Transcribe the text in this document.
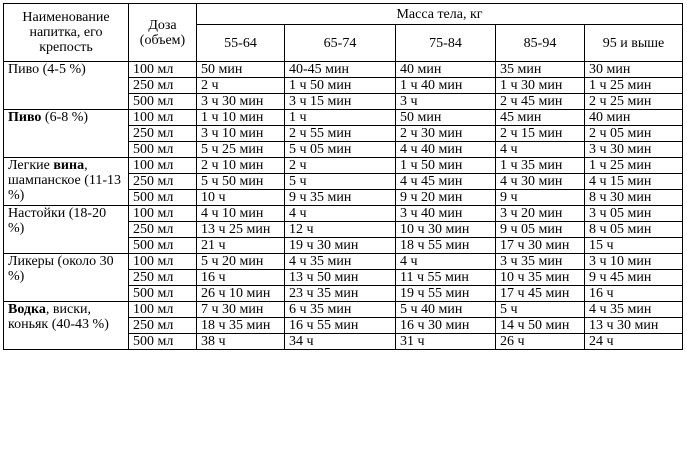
Наименование напитка, его крепость	Доза (объем)	Масса тела, кг				
		55-64	65-74	75-84	85-94	95 и выше
Пиво (4-5 %)	100 мл	50 мин	40-45 мин	40 мин	35 мин	30 мин
	250 мл	2 ч	1 ч 50 мин	1 ч 40 мин	1 ч 30 мин	1 ч 25 мин
	500 мл	3 ч 30 мин	3 ч 15 мин	3 ч	2 ч 45 мин	2 ч 25 мин
Пиво (6-8 %)	100 мл	1 ч 10 мин	1 ч	50 мин	45 мин	40 мин
	250 мл	3 ч 10 мин	2 ч 55 мин	2 ч 30 мин	2 ч 15 мин	2 ч 05 мин
	500 мл	5 ч 25 мин	5 ч 05 мин	4 ч 40 мин	4 ч	3 ч 30 мин
Легкие вина, шампанское (11-13 %)	100 мл	2 ч 10 мин	2 ч	1 ч 50 мин	1 ч 35 мин	1 ч 25 мин
	250 мл	5 ч 50 мин	5 ч	4 ч 45 мин	4 ч 30 мин	4 ч 15 мин
	500 мл	10 ч	9 ч 35 мин	9 ч 20 мин	9 ч	8 ч 30 мин
Настойки (18-20 %)	100 мл	4 ч 10 мин	4 ч	3 ч 40 мин	3 ч 20 мин	3 ч 05 мин
	250 мл	13 ч 25 мин	12 ч	10 ч 30 мин	9 ч 05 мин	8 ч 05 мин
	500 мл	21 ч	19 ч 30 мин	18 ч 55 мин	17 ч 30 мин	15 ч
Ликеры (около 30 %)	100 мл	5 ч 20 мин	4 ч 35 мин	4 ч	3 ч 35 мин	3 ч 10 мин
	250 мл	16 ч	13 ч 50 мин	11 ч 55 мин	10 ч 35 мин	9 ч 45 мин
	500 мл	26 ч 10 мин	23 ч 35 мин	19 ч 55 мин	17 ч 45 мин	16 ч
Водка, виски, коньяк (40-43 %)	100 мл	7 ч 30 мин	6 ч 35 мин	5 ч 40 мин	5 ч	4 ч 35 мин
	250 мл	18 ч 35 мин	16 ч 55 мин	16 ч 30 мин	14 ч 50 мин	13 ч 30 мин
	500 мл	38 ч	34 ч	31 ч	26 ч	24 ч
